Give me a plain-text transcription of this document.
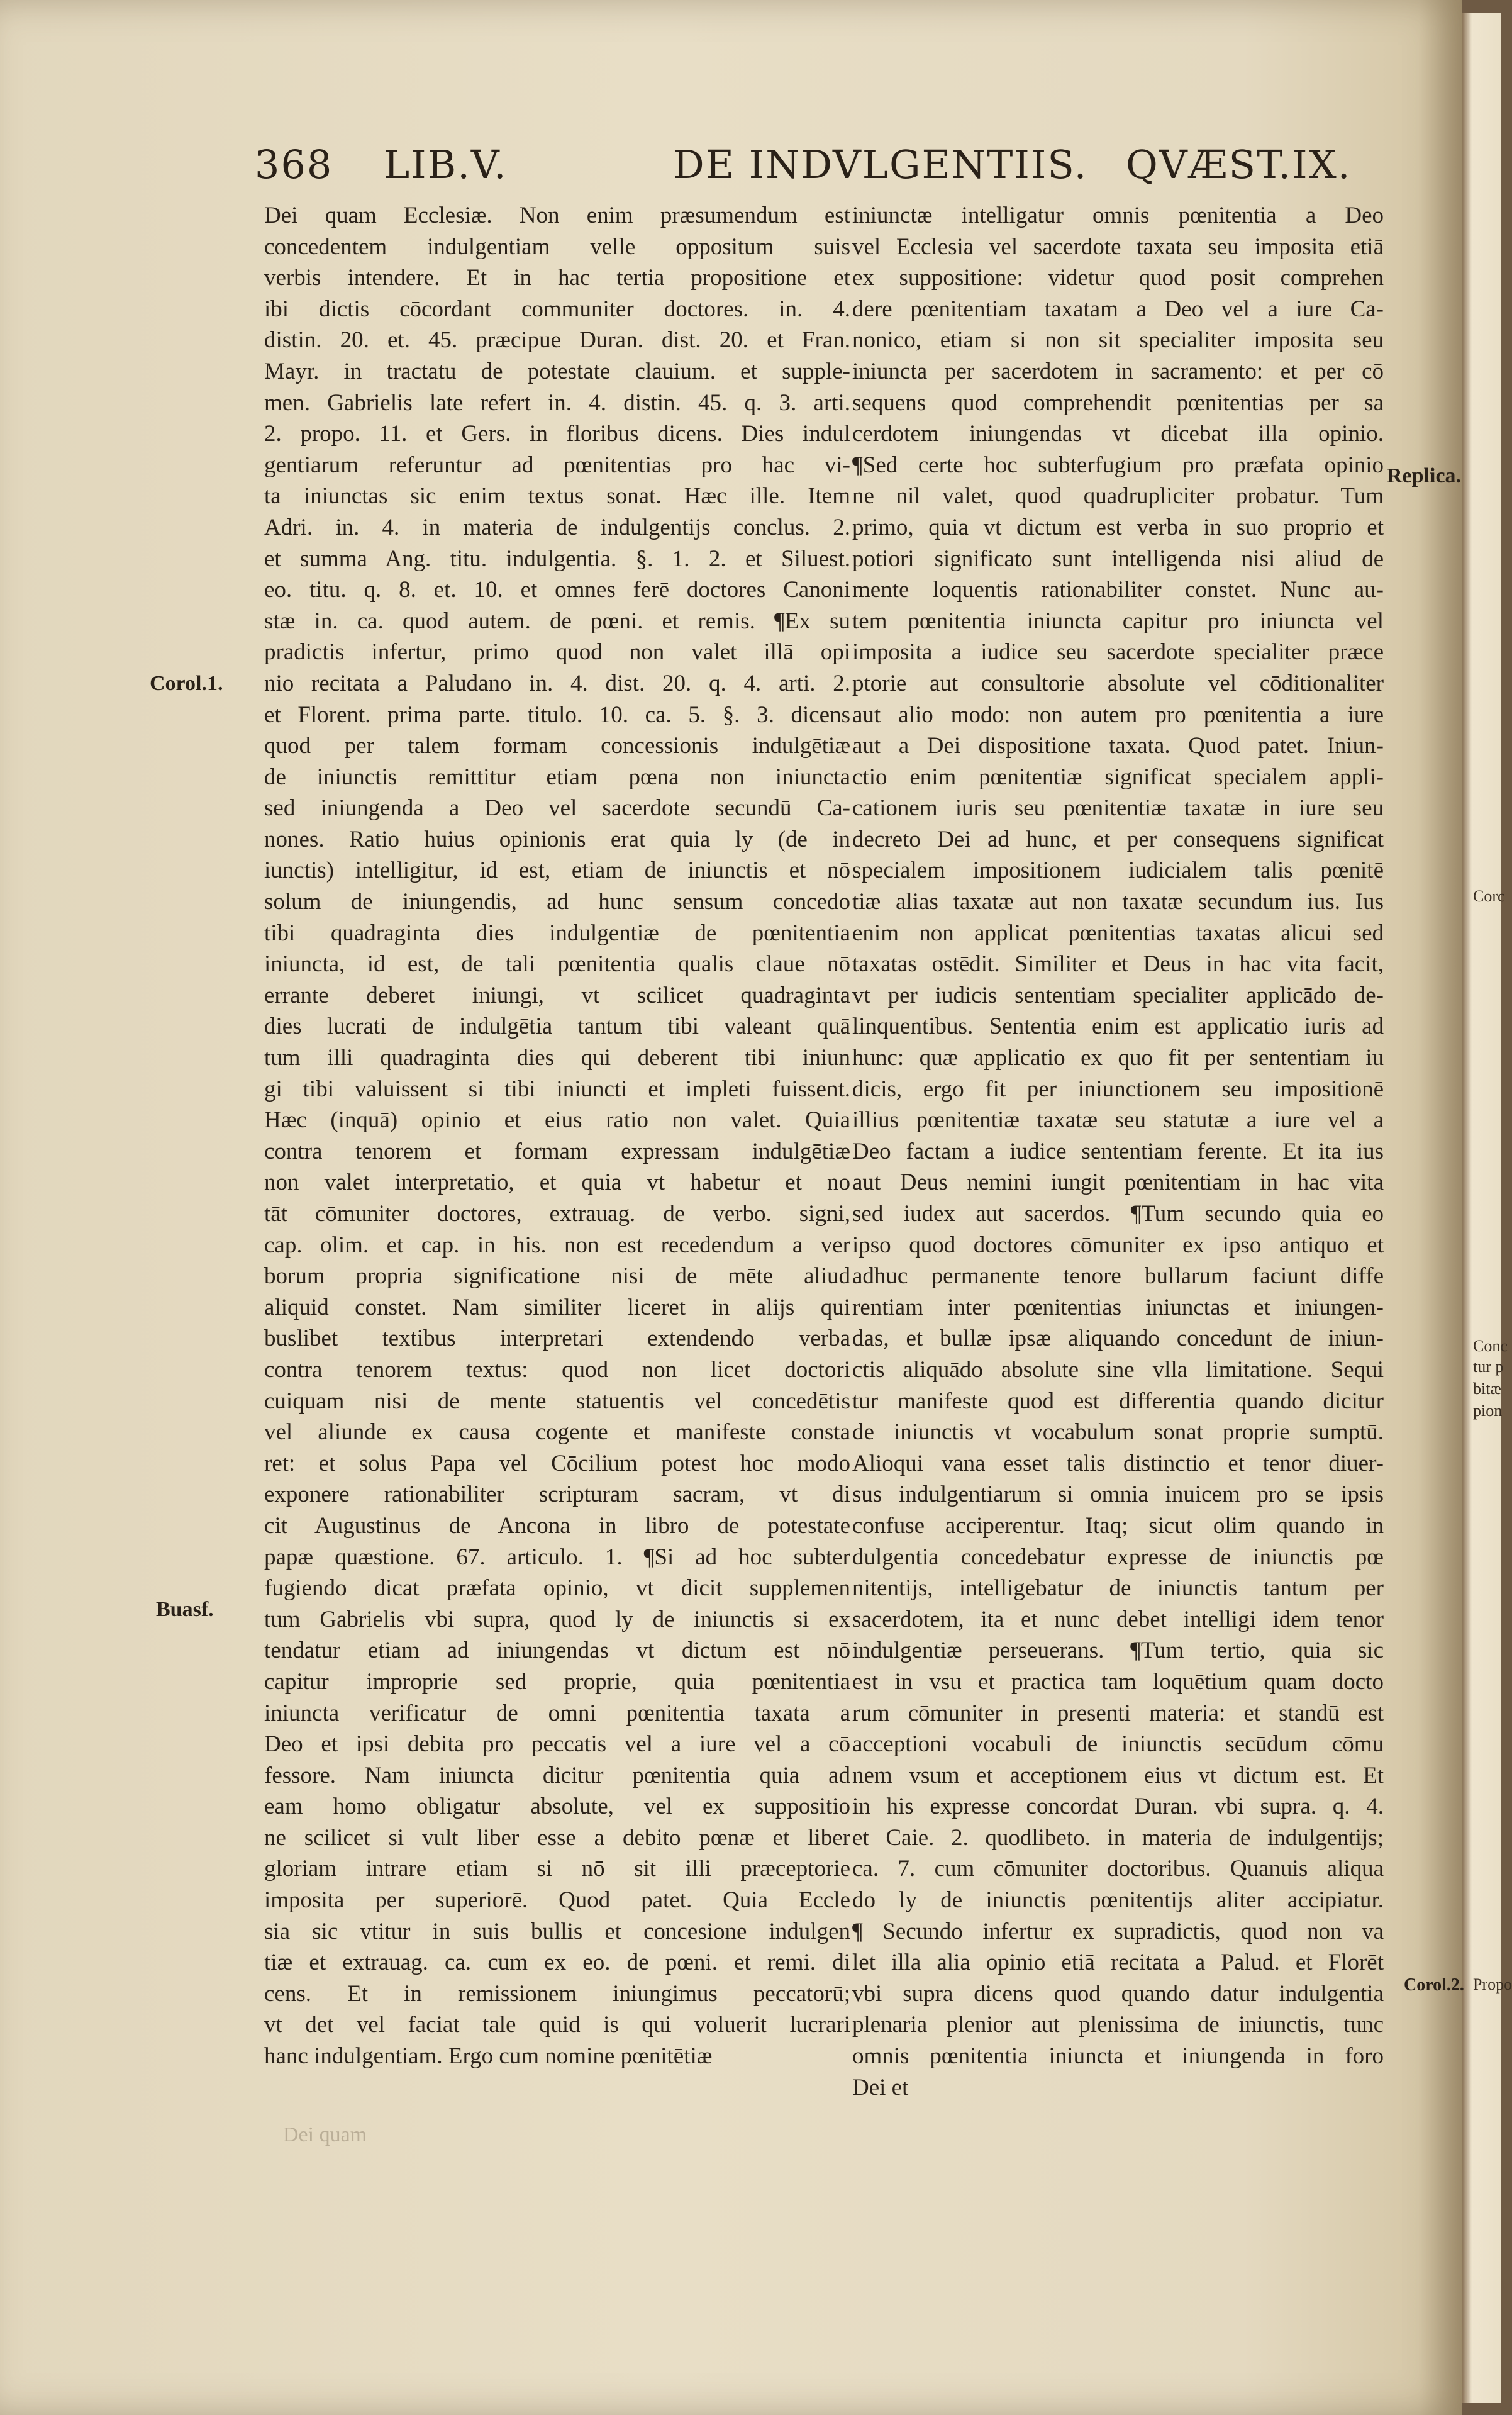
368 LIB.V.	DE INDVLGENTIIS. QVÆST.IX.
Dei quam Ecclesiæ. Non enim præsumendum est
concedentem indulgentiam velle oppositum suis
verbis intendere. Et in hac tertia propositione et
ibi dictis cōcordant communiter doctores. in. 4.
distin. 20. et. 45. præcipue Duran. dist. 20. et Fran.
Mayr. in tractatu de potestate clauium. et supple-
men. Gabrielis late refert in. 4. distin. 45. q. 3. arti.
2. propo. 11. et Gers. in floribus dicens. Dies indul
gentiarum referuntur ad pœnitentias pro hac vi-
ta iniunctas sic enim textus sonat. Hæc ille. Item
Adri. in. 4. in materia de indulgentijs conclus. 2.
et summa Ang. titu. indulgentia. §. 1. 2. et Siluest.
eo. titu. q. 8. et. 10. et omnes ferē doctores Canoni
stæ in. ca. quod autem. de pœni. et remis. ¶Ex su
pradictis infertur, primo quod non valet illā opi
nio recitata a Paludano in. 4. dist. 20. q. 4. arti. 2.
et Florent. prima parte. titulo. 10. ca. 5. §. 3. dicens
quod per talem formam concessionis indulgētiæ
de iniunctis remittitur etiam pœna non iniuncta
sed iniungenda a Deo vel sacerdote secundū Ca-
nones. Ratio huius opinionis erat quia ly (de in
iunctis) intelligitur, id est, etiam de iniunctis et nō
solum de iniungendis, ad hunc sensum concedo
tibi quadraginta dies indulgentiæ de pœnitentia
iniuncta, id est, de tali pœnitentia qualis claue nō
errante deberet iniungi, vt scilicet quadraginta
dies lucrati de indulgētia tantum tibi valeant quā
tum illi quadraginta dies qui deberent tibi iniun
gi tibi valuissent si tibi iniuncti et impleti fuissent.
Hæc (inquā) opinio et eius ratio non valet. Quia
contra tenorem et formam expressam indulgētiæ
non valet interpretatio, et quia vt habetur et no
tāt cōmuniter doctores, extrauag. de verbo. signi,
cap. olim. et cap. in his. non est recedendum a ver
borum propria significatione nisi de mēte aliud
aliquid constet. Nam similiter liceret in alijs qui
buslibet textibus interpretari extendendo verba
contra tenorem textus: quod non licet doctori
cuiquam nisi de mente statuentis vel concedētis
vel aliunde ex causa cogente et manifeste consta
ret: et solus Papa vel Cōcilium potest hoc modo
exponere rationabiliter scripturam sacram, vt di
cit Augustinus de Ancona in libro de potestate
papæ quæstione. 67. articulo. 1. ¶Si ad hoc subter
fugiendo dicat præfata opinio, vt dicit supplemen
tum Gabrielis vbi supra, quod ly de iniunctis si ex
tendatur etiam ad iniungendas vt dictum est nō
capitur improprie sed proprie, quia pœnitentia
iniuncta verificatur de omni pœnitentia taxata a
Deo et ipsi debita pro peccatis vel a iure vel a cō
fessore. Nam iniuncta dicitur pœnitentia quia ad
eam homo obligatur absolute, vel ex suppositio
ne scilicet si vult liber esse a debito pœnæ et liber
gloriam intrare etiam si nō sit illi præceptorie
imposita per superiorē. Quod patet. Quia Eccle
sia sic vtitur in suis bullis et concesione indulgen
tiæ et extrauag. ca. cum ex eo. de pœni. et remi. di
cens. Et in remissionem iniungimus peccatorū;
vt det vel faciat tale quid is qui voluerit lucrari
hanc indulgentiam. Ergo cum nomine pœnitētiæ
iniunctæ intelligatur omnis pœnitentia a Deo
vel Ecclesia vel sacerdote taxata seu imposita etiā
ex suppositione: videtur quod posit comprehen
dere pœnitentiam taxatam a Deo vel a iure Ca-
nonico, etiam si non sit specialiter imposita seu
iniuncta per sacerdotem in sacramento: et per cō
sequens quod comprehendit pœnitentias per sa
cerdotem iniungendas vt dicebat illa opinio.
¶Sed certe hoc subterfugium pro præfata opinio
ne nil valet, quod quadrupliciter probatur. Tum
primo, quia vt dictum est verba in suo proprio et
potiori significato sunt intelligenda nisi aliud de
mente loquentis rationabiliter constet. Nunc au-
tem pœnitentia iniuncta capitur pro iniuncta vel
imposita a iudice seu sacerdote specialiter præce
ptorie aut consultorie absolute vel cōditionaliter
aut alio modo: non autem pro pœnitentia a iure
aut a Dei dispositione taxata. Quod patet. Iniun-
ctio enim pœnitentiæ significat specialem appli-
cationem iuris seu pœnitentiæ taxatæ in iure seu
decreto Dei ad hunc, et per consequens significat
specialem impositionem iudicialem talis pœnitē
tiæ alias taxatæ aut non taxatæ secundum ius. Ius
enim non applicat pœnitentias taxatas alicui sed
taxatas ostēdit. Similiter et Deus in hac vita facit,
vt per iudicis sententiam specialiter applicādo de-
linquentibus. Sententia enim est applicatio iuris ad
hunc: quæ applicatio ex quo fit per sententiam iu
dicis, ergo fit per iniunctionem seu impositionē
illius pœnitentiæ taxatæ seu statutæ a iure vel a
Deo factam a iudice sententiam ferente. Et ita ius
aut Deus nemini iungit pœnitentiam in hac vita
sed iudex aut sacerdos. ¶Tum secundo quia eo
ipso quod doctores cōmuniter ex ipso antiquo et
adhuc permanente tenore bullarum faciunt diffe
rentiam inter pœnitentias iniunctas et iniungen-
das, et bullæ ipsæ aliquando concedunt de iniun-
ctis aliquādo absolute sine vlla limitatione. Sequi
tur manifeste quod est differentia quando dicitur
de iniunctis vt vocabulum sonat proprie sumptū.
Alioqui vana esset talis distinctio et tenor diuer-
sus indulgentiarum si omnia inuicem pro se ipsis
confuse acciperentur. Itaq; sicut olim quando in
dulgentia concedebatur expresse de iniunctis pœ
nitentijs, intelligebatur de iniunctis tantum per
sacerdotem, ita et nunc debet intelligi idem tenor
indulgentiæ perseuerans. ¶Tum tertio, quia sic
est in vsu et practica tam loquētium quam docto
rum cōmuniter in presenti materia: et standū est
acceptioni vocabuli de iniunctis secūdum cōmu
nem vsum et acceptionem eius vt dictum est. Et
in his expresse concordat Duran. vbi supra. q. 4.
et Caie. 2. quodlibeto. in materia de indulgentijs;
ca. 7. cum cōmuniter doctoribus. Quanuis aliqua
do ly de iniunctis pœnitentijs aliter accipiatur.
¶ Secundo infertur ex supradictis, quod non va
let illa alia opinio etiā recitata a Palud. et Florēt
vbi supra dicens quod quando datur indulgentia
plenaria plenior aut plenissima de iniunctis, tunc
omnis pœnitentia iniuncta et iniungenda in foro
Dei et
Dei quam
Corol.1.
Replica.
Buasf.
Corol.2.
Corc
Conc
tur p
bitæ
pion
Propo
